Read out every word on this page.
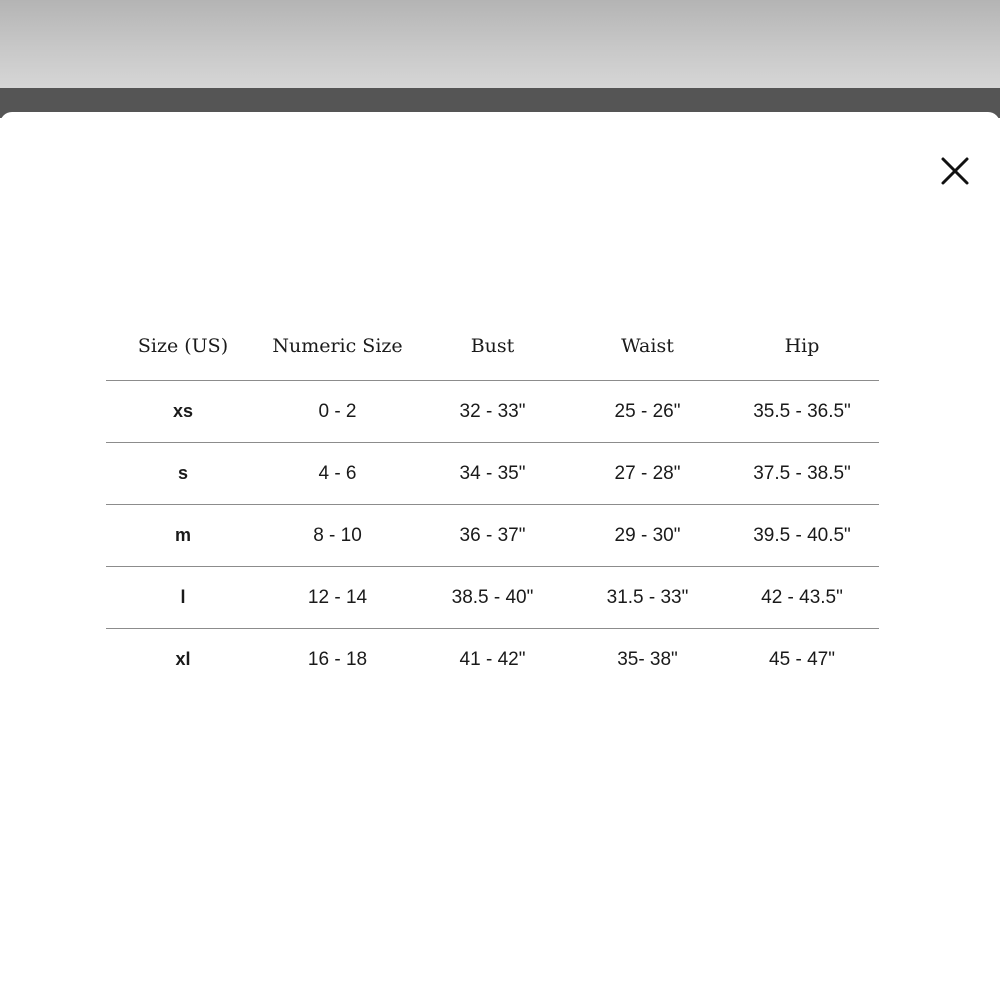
Size (US)	Numeric Size	Bust	Waist	Hip
xs	0 - 2	32 - 33"	25 - 26"	35.5 - 36.5"
s	4 - 6	34 - 35"	27 - 28"	37.5 - 38.5"
m	8 - 10	36 - 37"	29 - 30"	39.5 - 40.5"
l	12 - 14	38.5 - 40"	31.5 - 33"	42 - 43.5"
xl	16 - 18	41 - 42"	35- 38"	45 - 47"
